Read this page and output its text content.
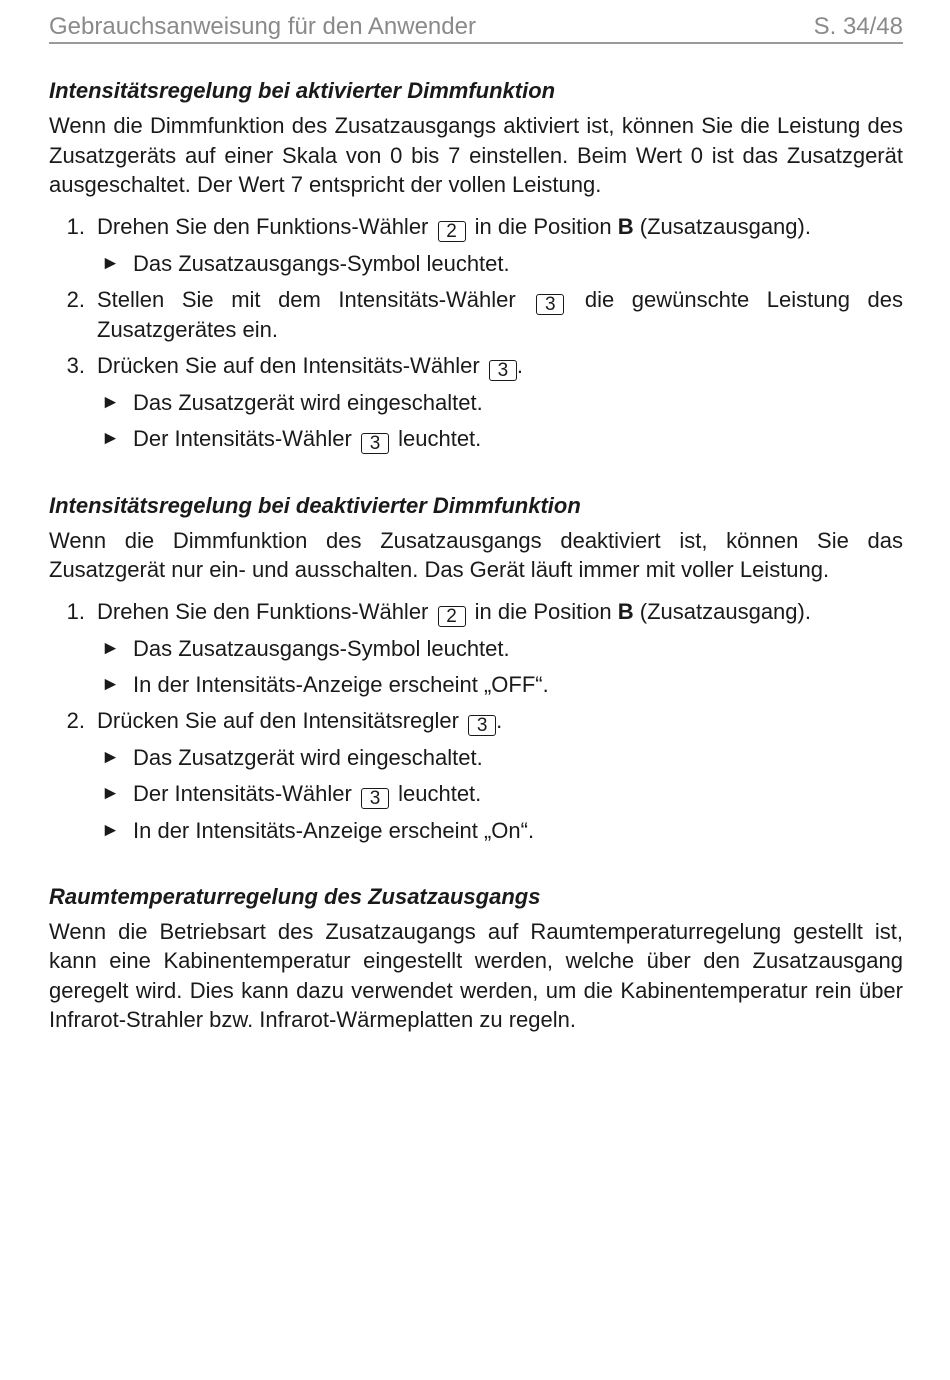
Gebrauchsanweisung für den Anwender	S. 34/48
Intensitätsregelung bei aktivierter Dimmfunktion

Wenn die Dimmfunktion des Zusatzausgangs aktiviert ist, können Sie die Leistung des Zusatzgeräts auf einer Skala von 0 bis 7 einstellen. Beim Wert 0 ist das Zusatzgerät ausgeschaltet. Der Wert 7 entspricht der vollen Leistung.

1. Drehen Sie den Funktions-Wähler 2 in die Position B (Zusatzausgang).
► Das Zusatzausgangs-Symbol leuchtet.
2. Stellen Sie mit dem Intensitäts-Wähler 3 die gewünschte Leistung des Zusatzgerätes ein.
3. Drücken Sie auf den Intensitäts-Wähler 3 .
► Das Zusatzgerät wird eingeschaltet.
► Der Intensitäts-Wähler 3 leuchtet.
Intensitätsregelung bei deaktivierter Dimmfunktion

Wenn die Dimmfunktion des Zusatzausgangs deaktiviert ist, können Sie das Zusatzgerät nur ein- und ausschalten. Das Gerät läuft immer mit voller Leistung.

1. Drehen Sie den Funktions-Wähler 2 in die Position B (Zusatzausgang).
► Das Zusatzausgangs-Symbol leuchtet.
► In der Intensitäts-Anzeige erscheint „OFF“.
2. Drücken Sie auf den Intensitätsregler 3 .
► Das Zusatzgerät wird eingeschaltet.
► Der Intensitäts-Wähler 3 leuchtet.
► In der Intensitäts-Anzeige erscheint „On“.
Raumtemperaturregelung des Zusatzausgangs

Wenn die Betriebsart des Zusatzaugangs auf Raumtemperaturregelung gestellt ist, kann eine Kabinentemperatur eingestellt werden, welche über den Zusatzausgang geregelt wird. Dies kann dazu verwendet werden, um die Kabinentemperatur rein über Infrarot-Strahler bzw. Infrarot-Wärmeplatten zu regeln.
